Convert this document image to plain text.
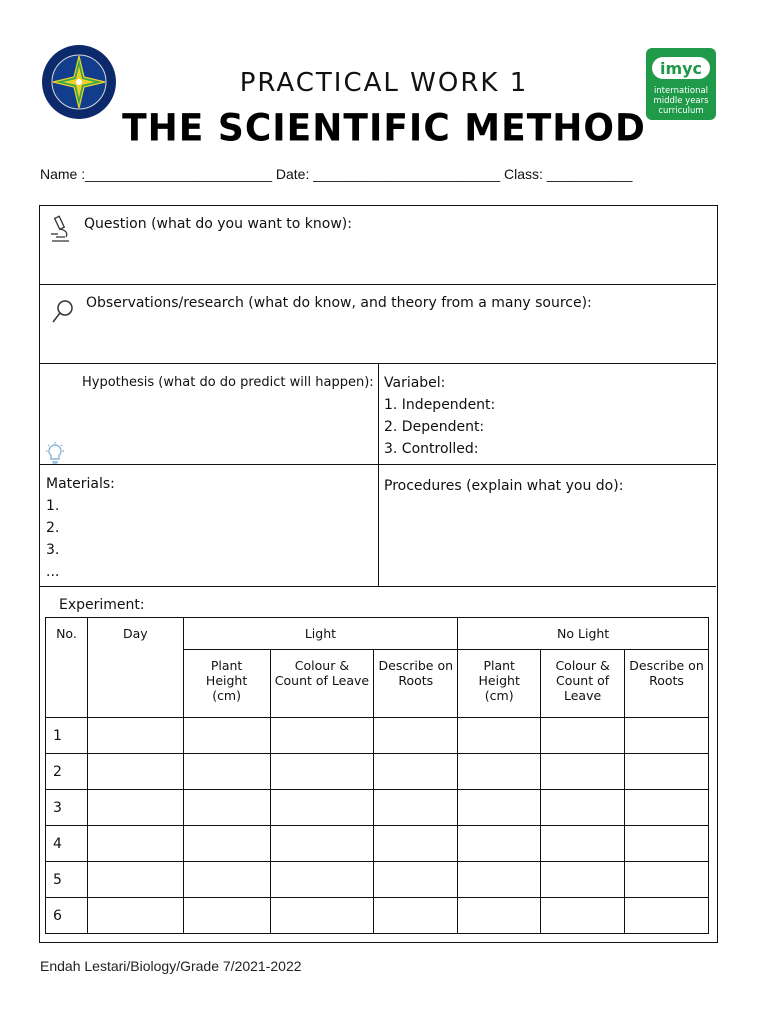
imyc
international
middle years
curriculum
PRACTICAL WORK 1
THE SCIENTIFIC METHOD
Name :________________________ Date: ________________________ Class: ___________
Question (what do you want to know):
Observations/research (what do know, and theory from a many source):
Hypothesis (what do do predict will happen): Variabel:
1. Independent:
2. Dependent:
3. Controlled:
Materials:
1.
2.
3.
...
Procedures (explain what you do):
Experiment:
No.	Day	Light			No Light		
		Plant Height (cm)	Colour & Count of Leave	Describe on Roots	Plant Height (cm)	Colour & Count of Leave	Describe on Roots
1							
2							
3							
4							
5							
6							
Endah Lestari/Biology/Grade 7/2021-2022
